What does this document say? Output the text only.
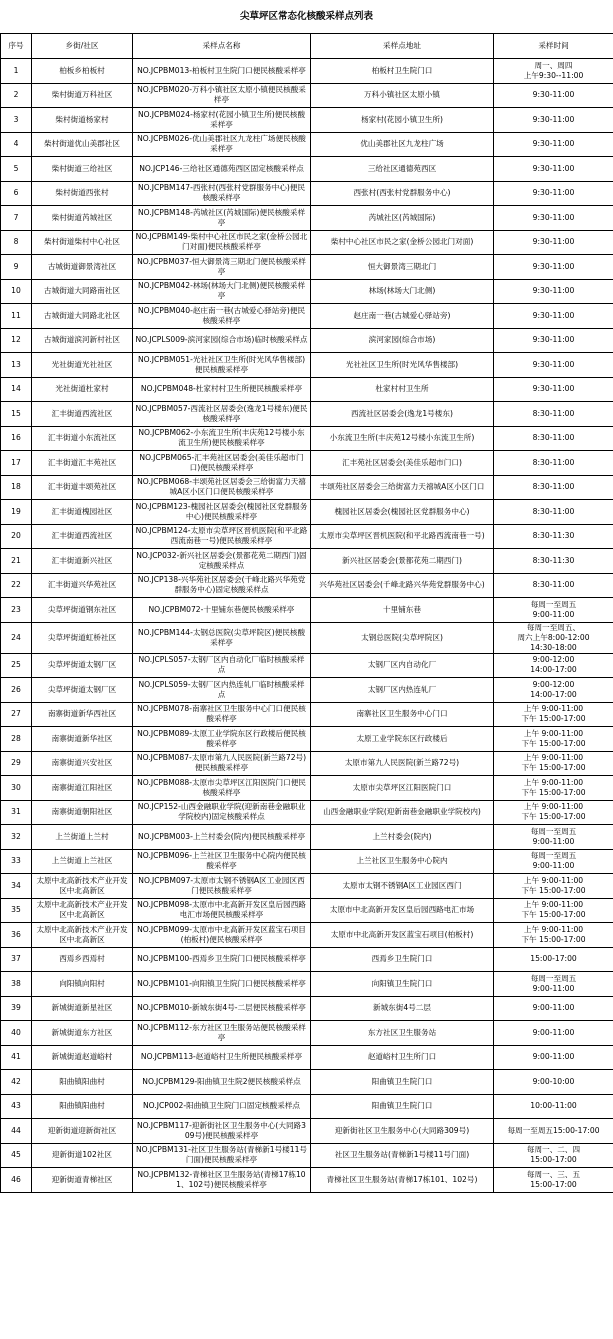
尖草坪区常态化核酸采样点列表
序号	乡街/社区	采样点名称	采样点地址	采样时间
1	柏板乡柏板村	NO.JCPBM013-柏板村卫生院门口便民核酸采样亭	柏板村卫生院门口	周一、周四
上午9:30--11:00
2	柴村街道万科社区	NO.JCPBM020-万科小镇社区太原小镇便民核酸采样亭	万科小镇社区太原小镇	9:30-11:00
3	柴村街道杨家村	NO.JCPBM024-杨家村(花园小镇卫生所)便民核酸采样亭	杨家村(花园小镇卫生所)	9:30-11:00
4	柴村街道优山美郡社区	NO.JCPBM026-优山美郡社区九龙柱广场便民核酸采样亭	优山美郡社区九龙柱广场	9:30-11:00
5	柴村街道三给社区	NO.JCP146-三给社区通德苑西区固定核酸采样点	三给社区通德苑西区	9:30-11:00
6	柴村街道西张村	NO.JCPBM147-西张村(西张村党群服务中心)便民核酸采样亭	西张村(西张村党群服务中心)	9:30-11:00
7	柴村街道芮城社区	NO.JCPBM148-芮城社区(芮城国际)便民核酸采样亭	芮城社区(芮城国际)	9:30-11:00
8	柴村街道柴村中心社区	NO.JCPBM149-柴村中心社区市民之家(金桥公园北门对面)便民核酸采样亭	柴村中心社区市民之家(金桥公园北门对面)	9:30-11:00
9	古城街道御景湾社区	NO.JCPBM037-恒大御景湾三期北门便民核酸采样亭	恒大御景湾三期北门	9:30-11:00
10	古城街道大同路南社区	NO.JCPBM042-林场(林场大门北侧)便民核酸采样亭	林场(林场大门北侧)	9:30-11:00
11	古城街道大同路北社区	NO.JCPBM040-赵庄南一巷(古城爱心驿站旁)便民核酸采样亭	赵庄南一巷(古城爱心驿站旁)	9:30-11:00
12	古城街道滨河新村社区	NO.JCPLS009-滨河家园(综合市场)临时核酸采样点	滨河家园(综合市场)	9:30-11:00
13	光社街道光社社区	NO.JCPBM051-光社社区卫生所(时光风华售楼部)便民核酸采样亭	光社社区卫生所(时光风华售楼部)	9:30-11:00
14	光社街道杜家村	NO.JCPBM048-杜家村村卫生所便民核酸采样亭	杜家村村卫生所	9:30-11:00
15	汇丰街道西流社区	NO.JCPBM057-西流社区居委会(逸龙1号楼东)便民核酸采样亭	西流社区居委会(逸龙1号楼东)	8:30-11:00
16	汇丰街道小东流社区	NO.JCPBM062-小东流卫生所(丰庆苑12号楼小东流卫生所)便民核酸采样亭	小东流卫生所(丰庆苑12号楼小东流卫生所)	8:30-11:00
17	汇丰街道汇丰苑社区	NO.JCPBM065-汇丰苑社区居委会(美佳乐超市门口)便民核酸采样亭	汇丰苑社区居委会(美佳乐超市门口)	8:30-11:00
18	汇丰街道丰颂苑社区	NO.JCPBM068-丰颂苑社区居委会三给街富力天禧城A区小区门口便民核酸采样亭	丰颂苑社区居委会三给街富力天禧城A区小区门口	8:30-11:00
19	汇丰街道槐园社区	NO.JCPBM123-槐园社区居委会(槐园社区党群服务中心)便民核酸采样亭	槐园社区居委会(槐园社区党群服务中心)	8:30-11:00
20	汇丰街道西流社区	NO.JCPBM124-太原市尖草坪区晋机医院(和平北路西流南巷一号)便民核酸采样亭	太原市尖草坪区晋机医院(和平北路西流南巷一号)	8:30-11:30
21	汇丰街道新兴社区	NO.JCP032-新兴社区居委会(景都花苑二期西门)固定核酸采样点	新兴社区居委会(景都花苑二期西门)	8:30-11:30
22	汇丰街道兴华苑社区	NO.JCP138-兴华苑社区居委会(千峰北路兴华苑党群服务中心)固定核酸采样点	兴华苑社区居委会(千峰北路兴华苑党群服务中心)	8:30-11:00
23	尖草坪街道钢东社区	NO.JCPBM072-十里铺东巷便民核酸采样亭	十里铺东巷	每周一至周五
9:00-11:00
24	尖草坪街道虹桥社区	NO.JCPBM144-太钢总医院(尖草坪院区)便民核酸采样亭	太钢总医院(尖草坪院区)	每周一至周五、
周六上午8:00-12:00
14:30-18:00
25	尖草坪街道太钢厂区	NO.JCPLS057-太钢厂区内自动化厂临时核酸采样点	太钢厂区内自动化厂	9:00-12:00
14:00-17:00
26	尖草坪街道太钢厂区	NO.JCPLS059-太钢厂区内热连轧厂临时核酸采样点	太钢厂区内热连轧厂	9:00-12:00
14:00-17:00
27	南寨街道新华西社区	NO.JCPBM078-南寨社区卫生服务中心门口便民核酸采样亭	南寨社区卫生服务中心门口	上午 9:00-11:00
下午 15:00-17:00
28	南寨街道新华社区	NO.JCPBM089-太原工业学院东区行政楼后便民核酸采样亭	太原工业学院东区行政楼后	上午 9:00-11:00
下午 15:00-17:00
29	南寨街道兴安社区	NO.JCPBM087-太原市第九人民医院(新兰路72号)便民核酸采样亭	太原市第九人民医院(新兰路72号)	上午 9:00-11:00
下午 15:00-17:00
30	南寨街道江阳社区	NO.JCPBM088-太原市尖草坪区江阳医院门口便民核酸采样亭	太原市尖草坪区江阳医院门口	上午 9:00-11:00
下午 15:00-17:00
31	南寨街道朝阳社区	NO.JCP152-山西金融职业学院(迎新南巷金融职业学院校内)固定核酸采样点	山西金融职业学院(迎新南巷金融职业学院校内)	上午 9:00-11:00
下午 15:00-17:00
32	上兰街道上兰村	NO.JCPBM003-上兰村委会(院内)便民核酸采样亭	上兰村委会(院内)	每周一至周五
9:00-11:00
33	上兰街道上兰社区	NO.JCPBM096-上兰社区卫生服务中心院内便民核酸采样亭	上兰社区卫生服务中心院内	每周一至周五
9:00-11:00
34	太原中北高新技术产业开发区中北高新区	NO.JCPBM097-太原市太钢不锈钢A区工业园区西门便民核酸采样亭	太原市太钢不锈钢A区工业园区西门	上午 9:00-11:00
下午 15:00-17:00
35	太原中北高新技术产业开发区中北高新区	NO.JCPBM098-太原市中北高新开发区皇后园西路电汇市场便民核酸采样亭	太原市中北高新开发区皇后园西路电汇市场	上午 9:00-11:00
下午 15:00-17:00
36	太原中北高新技术产业开发区中北高新区	NO.JCPBM099-太原市中北高新开发区蓝宝石项目(柏板村)便民核酸采样亭	太原市中北高新开发区蓝宝石项目(柏板村)	上午 9:00-11:00
下午 15:00-17:00
37	西焉乡西焉村	NO.JCPBM100-西焉乡卫生院门口便民核酸采样亭	西焉乡卫生院门口	15:00-17:00
38	向阳镇向阳村	NO.JCPBM101-向阳镇卫生院门口便民核酸采样亭	向阳镇卫生院门口	每周一至周五
9:00-11:00
39	新城街道新星社区	NO.JCPBM010-新城东街4号-二层便民核酸采样亭	新城东街4号二层	9:00-11:00
40	新城街道东方社区	NO.JCPBM112-东方社区卫生服务站便民核酸采样亭	东方社区卫生服务站	9:00-11:00
41	新城街道赵道峪村	NO.JCPBM113-赵道峪村卫生所便民核酸采样亭	赵道峪村卫生所门口	9:00-11:00
42	阳曲镇阳曲村	NO.JCPBM129-阳曲镇卫生院2便民核酸采样点	阳曲镇卫生院门口	9:00-10:00
43	阳曲镇阳曲村	NO.JCP002-阳曲镇卫生院门口固定核酸采样点	阳曲镇卫生院门口	10:00-11:00
44	迎新街道迎新街社区	NO.JCPBM117-迎新街社区卫生服务中心(大同路309号)便民核酸采样亭	迎新街社区卫生服务中心(大同路309号)	每周一至周五15:00-17:00
45	迎新街道102社区	NO.JCPBM131-社区卫生服务站(青梯新1号楼11号门面)便民核酸采样亭	社区卫生服务站(青梯新1号楼11号门面)	每周一、二、四
15:00-17:00
46	迎新街道青梯社区	NO.JCPBM132-青梯社区卫生服务站(青梯17栋101、102号)便民核酸采样亭	青梯社区卫生服务站(青梯17栋101、102号)	每周一、三、五
15:00-17:00
